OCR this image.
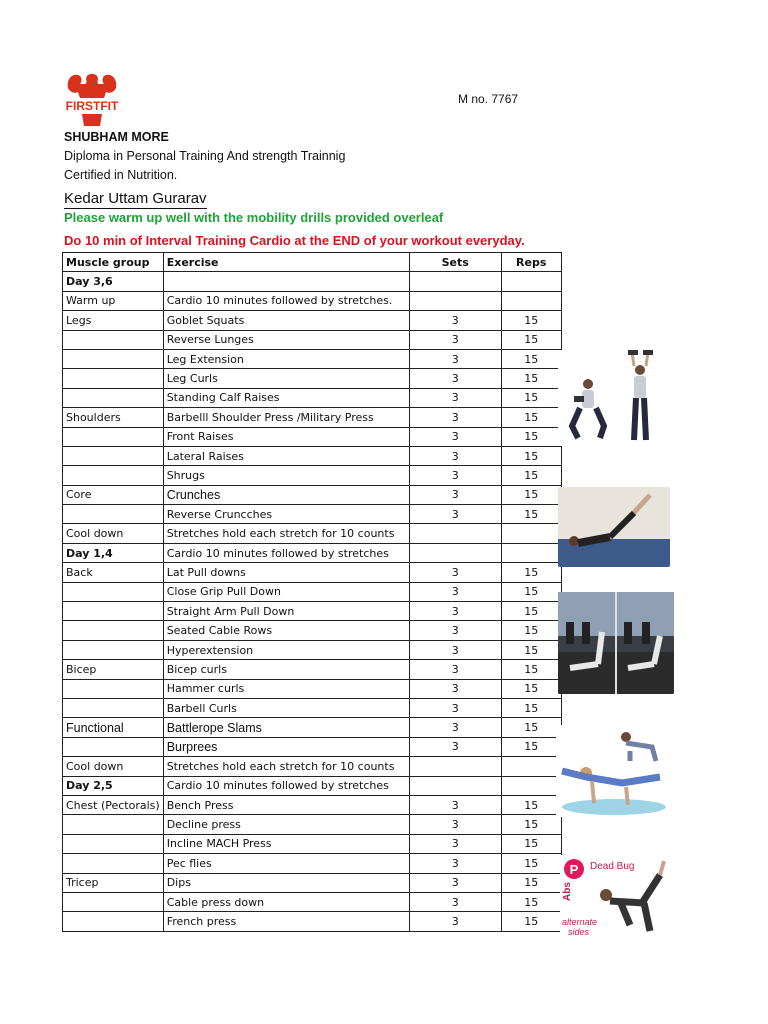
FIRSTFIT	M no. 7767
SHUBHAM MORE
Diploma in Personal Training And strength Trainnig
Certified in Nutrition.
Kedar Uttam Gurarav
Please warm up well with the mobility drills provided overleaf
Do 10 min of Interval Training Cardio at the END of your workout everyday.
Muscle group	Exercise	Sets	Reps
Day 3,6			
Warm up	Cardio 10 minutes followed by stretches.		
Legs	Goblet Squats	3	15
	Reverse Lunges	3	15
	Leg Extension	3	15
	Leg Curls	3	15
	Standing Calf Raises	3	15
Shoulders	Barbelll Shoulder Press /Military Press	3	15
	Front Raises	3	15
	Lateral Raises	3	15
	Shrugs	3	15
Core	Crunches	3	15
	Reverse Cruncches	3	15
Cool down	Stretches hold each stretch for 10 counts		
Day 1,4	Cardio 10 minutes followed by stretches		
Back	Lat Pull downs	3	15
	Close Grip Pull Down	3	15
	Straight Arm Pull Down	3	15
	Seated Cable Rows	3	15
	Hyperextension	3	15
Bicep	Bicep curls	3	15
	Hammer curls	3	15
	Barbell Curls	3	15
Functional	Battlerope Slams	3	15
	Burprees	3	15
Cool down	Stretches hold each stretch for 10 counts		
Day 2,5	Cardio 10 minutes followed by stretches		
Chest (Pectorals)	Bench Press	3	15
	Decline press	3	15
	Incline MACH Press	3	15
	Pec flies	3	15
Tricep	Dips	3	15
	Cable press down	3	15
	French press	3	15
P Dead Bug
Abs
alternate
sides
